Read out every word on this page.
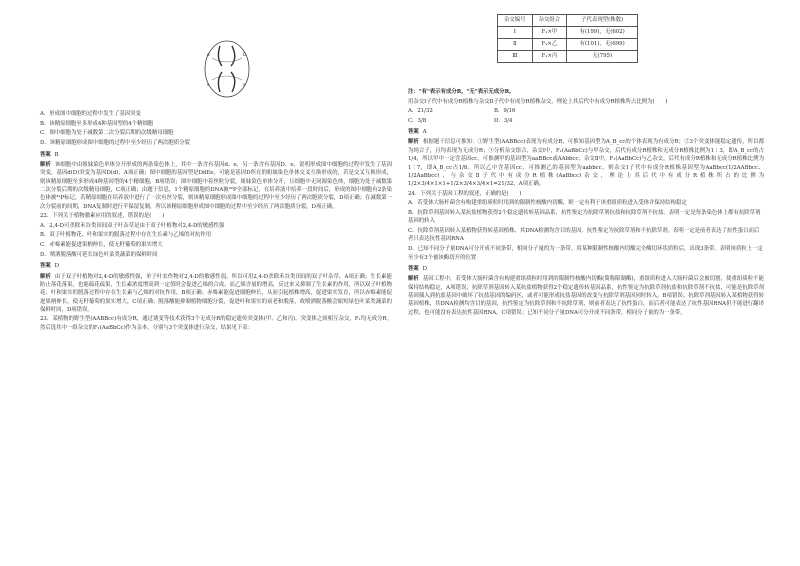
d	D
e	e
杂交编号	杂交组合	子代表现型(株数)
Ⅰ	F₁×甲	有(199)，无(602)
Ⅱ	F₁×乙	有(101)，无(699)
Ⅲ	F₁×丙	无(795)
A．形成图中细胞的过程中发生了基因突变
B．该精原细胞至多形成4种基因型的4个精细胞
C．图中细胞为处于减数第二次分裂后期的次级精母细胞
D．该精原细胞形成图中细胞的过程中至少经历了两次胞质分裂
答案 B

解析 该细胞中由姐妹染色单体分开形成的两条染色体上，其中一条含有基因d、e，另一条含有基因D、e，说明形成图中细胞的过程中发生了基因突变，基因d(D)突变为基因D(d)，A项正确；图中细胞的基因型是DdEe，可能是基因D所在的姐妹染色单体交叉互换形成的，若是交叉互换形成，则该精原细胞至多形成4种基因型的4个精细胞，B项错误；图中细胞中着丝粒分裂，姐妹染色单体分开，且细胞中无同源染色体，细胞为处于减数第二次分裂后期的次级精母细胞，C项正确；由题干信息，1个精原细胞的DNA被³²P全部标记，在培养液中培养一段时间后，形成的图中细胞有2条染色体被³²P标记，若精原细胞在培养液中进行了一次有丝分裂，则该精原细胞形成图中细胞的过程中至少经历了两次胞质分裂，D项正确；在减数第一次分裂前的间期，DNA复制时进行半保留复制，所以该精原细胞形成图中细胞的过程中至少经历了两次胞质分裂。D项正确。

22．下列关于植物激素应用的叙述，错误的是(　　)

A．2,4-D可杀除禾谷类田间双子叶杂草是由于双子叶植物对2,4-D的敏感性强
B．双子叶植物花、叶和果实的脱落过程中存在生长素与乙烯的对抗作用
C．赤霉素能促进果柄伸长，使无籽葡萄的果实增大
D．喷洒脱落酸可延长绿色叶菜类蔬菜的保鲜时间
答案 D

解析 由于双子叶植物对2,4-D的敏感性强，单子叶农作物对2,4-D的敏感性弱，所以可用2,4-D杀除禾谷类田间的双子叶杂草，A项正确；生长素能防止落花落果，也能疏花疏果，生长素浓度增高到一定值时会促进乙烯的合成，而乙烯含量的增高，反过来又抑制了生长素的作用，所以双子叶植物花、叶和果实的脱落过程中存在生长素与乙烯的对抗作用，B项正确；赤霉素能促进细胞伸长，从而引起植株增高，促进果实发育，所以赤霉素能促进果柄伸长，使无籽葡萄的果实增大，C项正确；脱落酸能抑制植物细胞分裂，促进叶和果实的衰老和脱落，故喷洒脱落酸会缩短绿色叶菜类蔬菜的保鲜时间，D项错误。

23．某植物的野生型(AABBcc)有成分R，通过诱变等技术获得3个无成分R的稳定遗传突变体(甲、乙和丙)。突变体之间相互杂交，F₁均无成分R。然后选其中一组杂交的F₁(AaBbCc)作为亲本，分别与3个突变体进行杂交，结果见下表：

注："有"表示有成分R，"无"表示无成分R。

用杂交Ⅰ子代中有成分R植株与杂交Ⅱ子代中有成分R植株杂交，理论上其后代中有成分R植株所占比例为(　　)

A．21/32	B．9/16
C．3/8	D．3/4
答案 A

解析 根据题干信息可推知：①野生型(AABBcc)表现为有成分R，可推知基因型为A_B_cc的个体表现为有成分R；②3个突变体能稳定遗传，所以都为纯合子，且均表现为无成分R；③分析杂交组合，杂交Ⅰ中，F₁(AaBbCc)与甲杂交，后代有成分R植株和无成分R植株比例为1∶3，即A_B_cc的占1/4，所以甲中一定含基因cc，可推测甲的基因型为aaBBcc或AAbbcc；杂交Ⅱ中，F₁(AaBbCc)与乙杂交，后代有成分R植株和无成分R植株比例为1∶7，即A_B_cc占1/8，所以乙中含基因cc，可推测乙的基因型为aabbcc，则杂交Ⅰ子代中有成分R植株基因型为AaBbcc(1/2AABbcc、1/2AaBbcc)，与杂交Ⅱ子代中有成分R植株(AaBbcc)杂交，理论上其后代中有成分R植株所占的比例为1/2×3/4×1×1+1/2×3/4×3/4×1=21/32，A项正确。

24．下列关于基因工程的叙述，正确的是(　　)

A．若受体大肠杆菌含有构建重组质粒时用到的限制性核酸内切酶，则一定有利于该重组质粒进入受体并保持结构稳定
B．抗除草剂基因转入某抗盐植物获得2个稳定遗传转基因品系，抗性鉴定为抗除草剂抗盐和抗除草剂不抗盐。表明一定是每条染色体上都有抗除草剂基因的转入
C．抗除草剂基因转入某植物获得转基因植株，其DNA检测均含目的基因，抗性鉴定为抗除草剂和不抗除草剂。表明一定是前者表达了抗性蛋白而后者只表达抗性基因RNA
D．已知不同分子量DNA可分开成不同条带，相同分子量的为一条带。用某种限制性核酸内切酶完全酶切环状质粒后，出现3条带。表明该质粒上一定至少有3个被该酶切开的位置
答案 D

解析 基因工程中，若受体大肠杆菌含有构建重组质粒时用到的限制性核酸内切酶(简称限制酶)，重组质粒进入大肠杆菌后会被切割，使重组质粒不能保持结构稳定，A项错误；抗除草剂基因转入某抗盐植物获得2个稳定遗传转基因品系，抗性鉴定为抗除草剂抗盐和抗除草剂不抗盐，可能是抗除草剂基因插入到抗盐基因中破坏了抗盐基因的编码区，或者可能形成抗盐基因的改变与抗除草剂基因同时转入，B项错误；抗除草剂基因转入某植物获得转基因植株，其DNA检测均含目的基因，抗性鉴定为抗除草剂和不抗除草剂，则前者表达了抗性蛋白，而后者可能表达了抗性基因RNA但不能进行翻译过程，也可能没有表达抗性基因RNA，C项错误；已知不同分子量DNA可分开成不同条带，相同分子量的为一条带。
